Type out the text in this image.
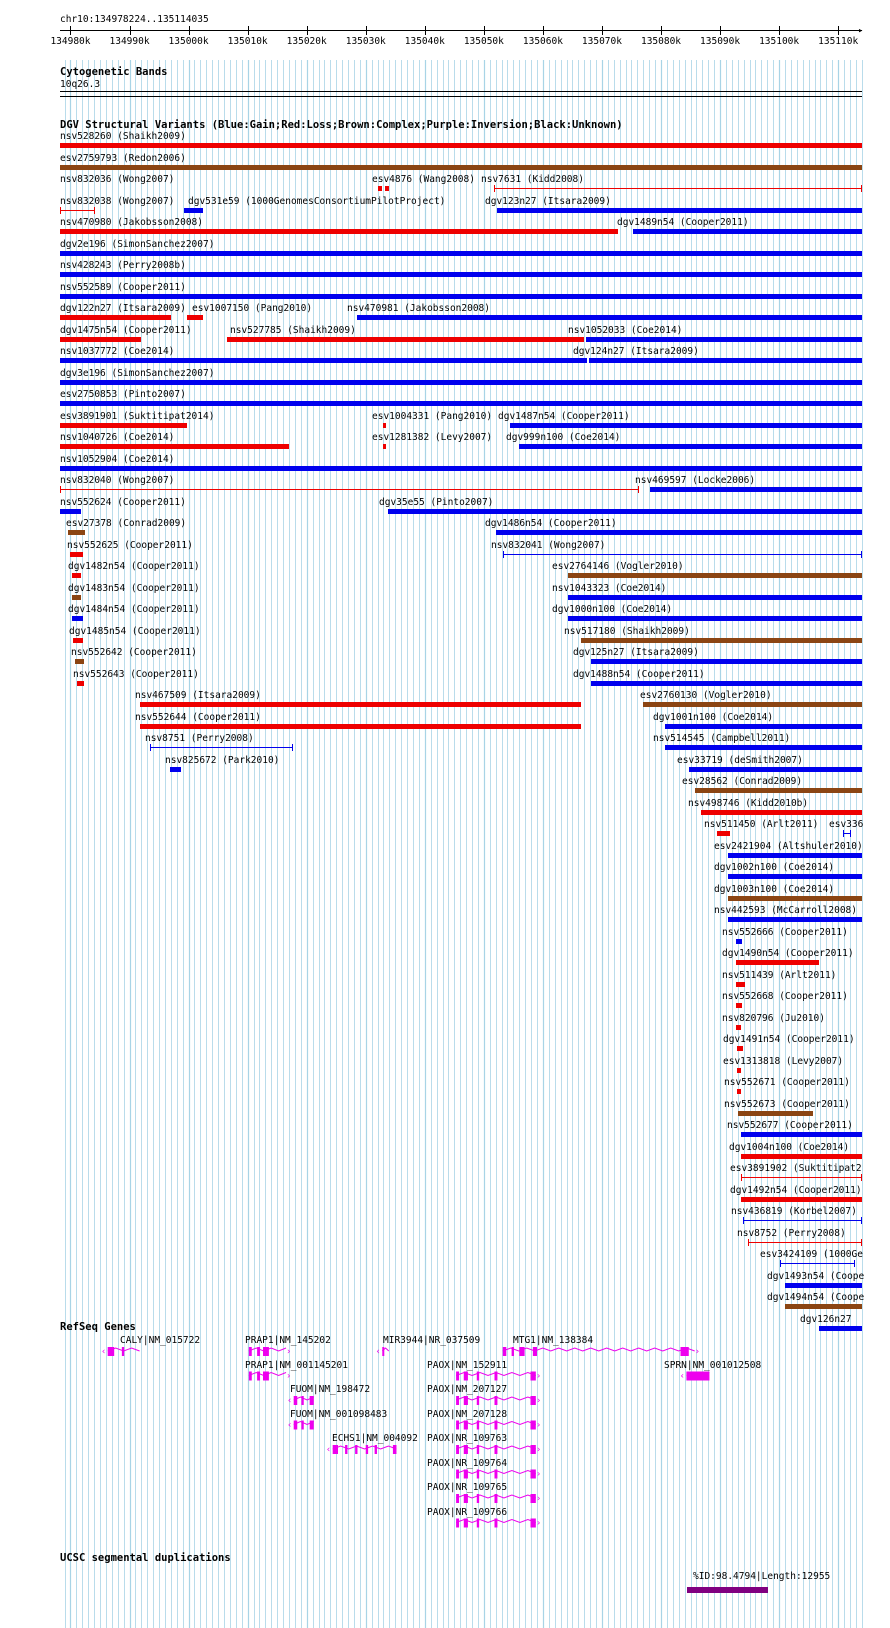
chr10:134978224..135114035
▸
134980k 134990k 135000k 135010k 135020k 135030k 135040k 135050k 135060k 135070k 135080k 135090k 135100k 135110k
Cytogenetic Bands
10q26.3
DGV Structural Variants (Blue:Gain;Red:Loss;Brown:Complex;Purple:Inversion;Black:Unknown)
nsv528260 (Shaikh2009)
esv2759793 (Redon2006)
nsv832036 (Wong2007)	esv4876 (Wang2008) nsv7631 (Kidd2008)
nsv832038 (Wong2007) dgv531e59 (1000GenomesConsortiumPilotProject)	dgv123n27 (Itsara2009)
nsv470980 (Jakobsson2008)	dgv1489n54 (Cooper2011)
dgv2e196 (SimonSanchez2007)
nsv428243 (Perry2008b)
nsv552589 (Cooper2011)
dgv122n27 (Itsara2009) esv1007150 (Pang2010)	nsv470981 (Jakobsson2008)
dgv1475n54 (Cooper2011)	nsv527785 (Shaikh2009)	nsv1052033 (Coe2014)
nsv1037772 (Coe2014)	dgv124n27 (Itsara2009)
dgv3e196 (SimonSanchez2007)
esv2750853 (Pinto2007)
esv3891901 (Suktitipat2014)	esv1004331 (Pang2010) dgv1487n54 (Cooper2011)
nsv1040726 (Coe2014)	esv1281382 (Levy2007) dgv999n100 (Coe2014)
nsv1052904 (Coe2014)
nsv832040 (Wong2007)	nsv469597 (Locke2006)
nsv552624 (Cooper2011)	dgv35e55 (Pinto2007)
esv27378 (Conrad2009)	dgv1486n54 (Cooper2011)
nsv552625 (Cooper2011)	nsv832041 (Wong2007)
dgv1482n54 (Cooper2011)	esv2764146 (Vogler2010)
dgv1483n54 (Cooper2011)	nsv1043323 (Coe2014)
dgv1484n54 (Cooper2011)	dgv1000n100 (Coe2014)
dgv1485n54 (Cooper2011)	nsv517180 (Shaikh2009)
nsv552642 (Cooper2011)	dgv125n27 (Itsara2009)
nsv552643 (Cooper2011)	dgv1488n54 (Cooper2011)
nsv467509 (Itsara2009)	esv2760130 (Vogler2010)
nsv552644 (Cooper2011)	dgv1001n100 (Coe2014)
nsv8751 (Perry2008)	nsv514545 (Campbell2011)
nsv825672 (Park2010)	esv33719 (deSmith2007)
esv28562 (Conrad2009)
nsv498746 (Kidd2010b)
nsv511450 (Arlt2011) esv336
esv2421904 (Altshuler2010)
dgv1002n100 (Coe2014)
dgv1003n100 (Coe2014)
nsv442593 (McCarroll2008)
nsv552666 (Cooper2011)
dgv1490n54 (Cooper2011)
nsv511439 (Arlt2011)
nsv552668 (Cooper2011)
nsv820796 (Ju2010)
dgv1491n54 (Cooper2011)
esv1313818 (Levy2007)
nsv552671 (Cooper2011)
nsv552673 (Cooper2011)
nsv552677 (Cooper2011)
dgv1004n100 (Coe2014)
esv3891902 (Suktitipat2
dgv1492n54 (Cooper2011)
nsv436819 (Korbel2007)
nsv8752 (Perry2008)
esv3424109 (1000Ge
dgv1493n54 (Coope
dgv1494n54 (Coope
dgv126n27
RefSeq Genes
CALY|NM_015722	PRAP1|NM_145202	MIR3944|NR_037509	MTG1|NM_138384
PRAP1|NM_001145201	PAOX|NM_152911	SPRN|NM_001012508
FUOM|NM_198472	PAOX|NM_207127
FUOM|NM_001098483	PAOX|NM_207128
ECHS1|NM_004092 PAOX|NR_109763
PAOX|NR_109764
PAOX|NR_109765
PAOX|NR_109766
‹	›	‹	›
›	›	‹
‹	›
‹	›
‹	›
›
›
›
UCSC segmental duplications
%ID:98.4794|Length:12955
